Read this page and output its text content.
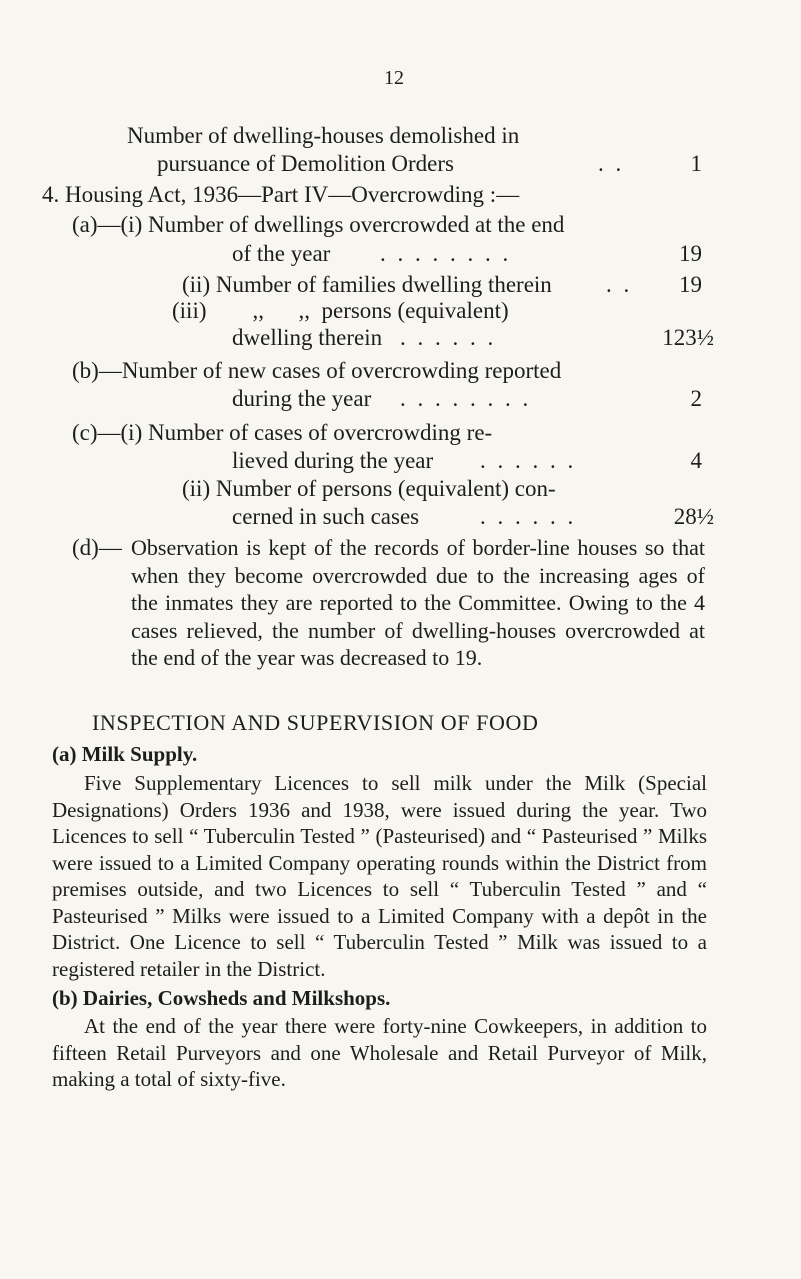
12
Number of dwelling-houses demolished in
pursuance of Demolition Orders	. .	1
4. Housing Act, 1936—Part IV—Overcrowding :—
(a)—(i) Number of dwellings overcrowded at the end
of the year . . . . . . . .	19
(ii) Number of families dwelling therein . .	19
(iii)        ,,      ,,  persons (equivalent)
dwelling therein . . . . . .	123½
(b)—Number of new cases of overcrowding reported
during the year . . . . . . . .	2
(c)—(i) Number of cases of overcrowding re-
lieved during the year . . . . . .	4
(ii) Number of persons (equivalent) con-
cerned in such cases	. . . . . .	28½
(d)— Observation is kept of the records of border-line houses so that when they become overcrowded due to the increasing ages of the inmates they are reported to the Committee. Owing to the 4 cases relieved, the number of dwelling-houses overcrowded at the end of the year was decreased to 19.
INSPECTION AND SUPERVISION OF FOOD
(a) Milk Supply.
Five Supplementary Licences to sell milk under the Milk (Special Designations) Orders 1936 and 1938, were issued during the year. Two Licences to sell “ Tuberculin Tested ” (Pasteurised) and “ Pasteurised ” Milks were issued to a Limited Company operating rounds within the District from premises outside, and two Licences to sell “ Tuberculin Tested ” and “ Pasteurised ” Milks were issued to a Limited Company with a depôt in the District. One Licence to sell “ Tuberculin Tested ” Milk was issued to a registered retailer in the District.
(b) Dairies, Cowsheds and Milkshops.
At the end of the year there were forty-nine Cowkeepers, in addition to fifteen Retail Purveyors and one Wholesale and Retail Purveyor of Milk, making a total of sixty-five.
